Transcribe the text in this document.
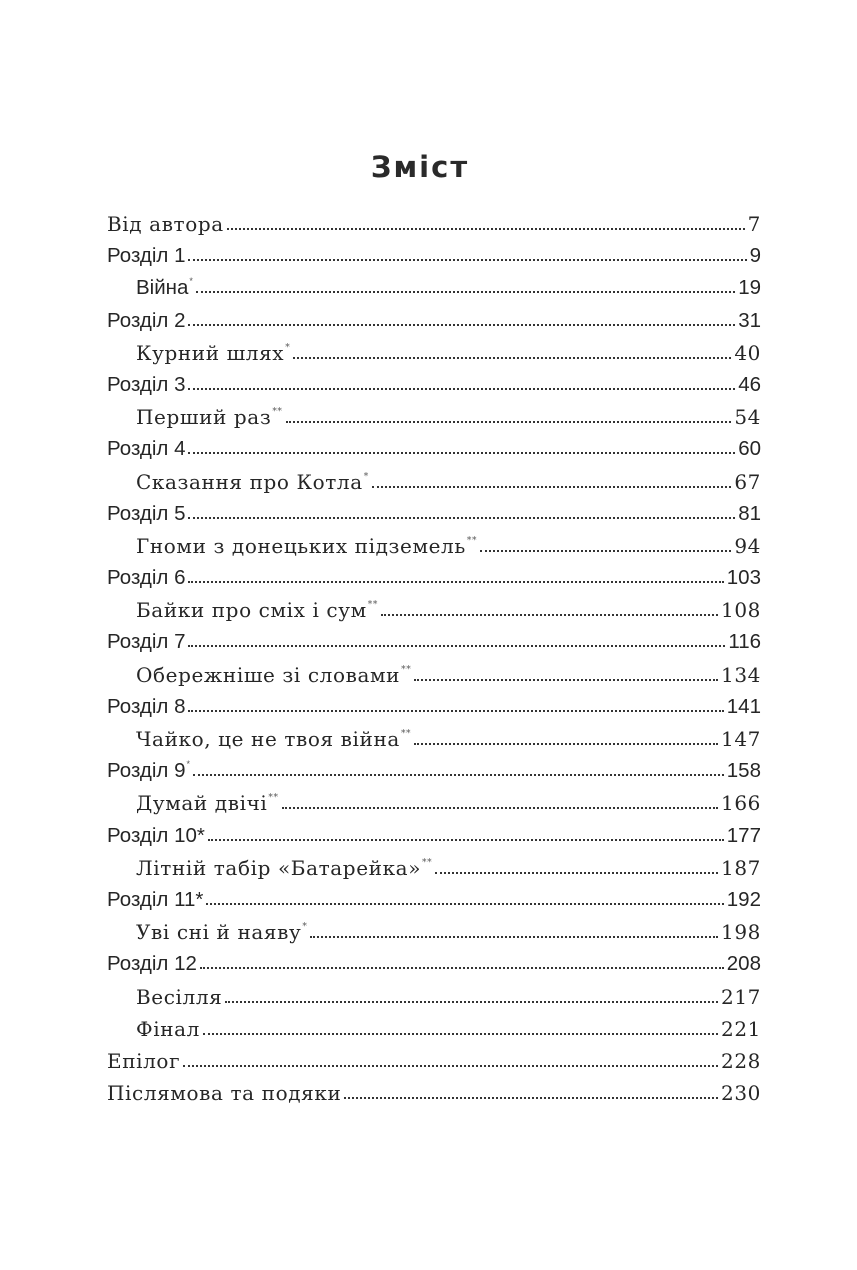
Зміст
Від автора	7
Розділ 1	9
Війна*	19
Розділ 2	31
Курний шлях*	40
Розділ 3	46
Перший раз**	54
Розділ 4	60
Сказання про Котла*	67
Розділ 5	81
Гноми з донецьких підземель**	94
Розділ 6	103
Байки про сміх і сум**	108
Розділ 7	116
Обережніше зі словами**	134
Розділ 8	141
Чайко, це не твоя війна**	147
Розділ 9*	158
Думай двічі**	166
Розділ 10*	177
Літній табір «Батарейка»**	187
Розділ 11*	192
Уві сні й наяву*	198
Розділ 12	208
Весілля	217
Фінал	221
Епілог	228
Післямова та подяки	230
